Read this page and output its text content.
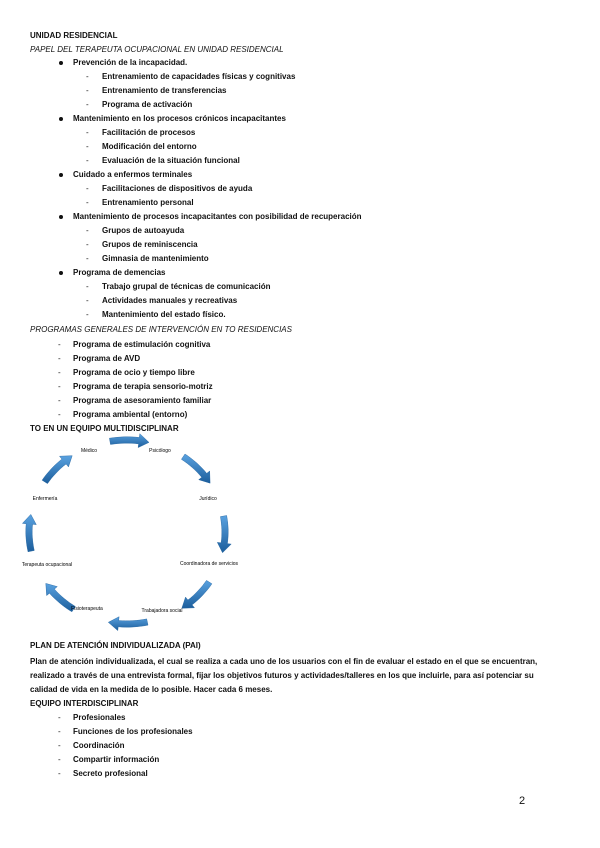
UNIDAD RESIDENCIAL
PAPEL DEL TERAPEUTA OCUPACIONAL EN UNIDAD RESIDENCIAL
Prevención de la incapacidad.
- Entrenamiento de capacidades físicas y cognitivas
- Entrenamiento de transferencias
- Programa de activación
Mantenimiento en los procesos crónicos incapacitantes
- Facilitación de procesos
- Modificación del entorno
- Evaluación de la situación funcional
Cuidado a enfermos terminales
- Facilitaciones de dispositivos de ayuda
- Entrenamiento personal
Mantenimiento de procesos incapacitantes con posibilidad de recuperación
- Grupos de autoayuda
- Grupos de reminiscencia
- Gimnasia de mantenimiento
Programa de demencias
- Trabajo grupal de técnicas de comunicación
- Actividades manuales y recreativas
- Mantenimiento del estado físico.
PROGRAMAS GENERALES DE INTERVENCIÓN EN TO RESIDENCIAS
- Programa de estimulación cognitiva
- Programa de AVD
- Programa de ocio y tiempo libre
- Programa de terapia sensorio-motriz
- Programa de asesoramiento familiar
- Programa ambiental (entorno)
TO EN UN EQUIPO MULTIDISCIPLINAR
Médico	Psicólogo
Jurídico
Coordinadora de servicios
Trabajadora social
Fisioterapeuta
Terapeuta ocupacional
Enfermería
PLAN DE ATENCIÓN INDIVIDUALIZADA (PAI)
Plan de atención individualizada, el cual se realiza a cada uno de los usuarios con el fin de evaluar el estado en el que se encuentran,
realizado a través de una entrevista formal, fijar los objetivos futuros y actividades/talleres en los que incluirle, para así potenciar su
calidad de vida en la medida de lo posible. Hacer cada 6 meses.
EQUIPO INTERDISCIPLINAR
- Profesionales
- Funciones de los profesionales
- Coordinación
- Compartir información
- Secreto profesional
2
